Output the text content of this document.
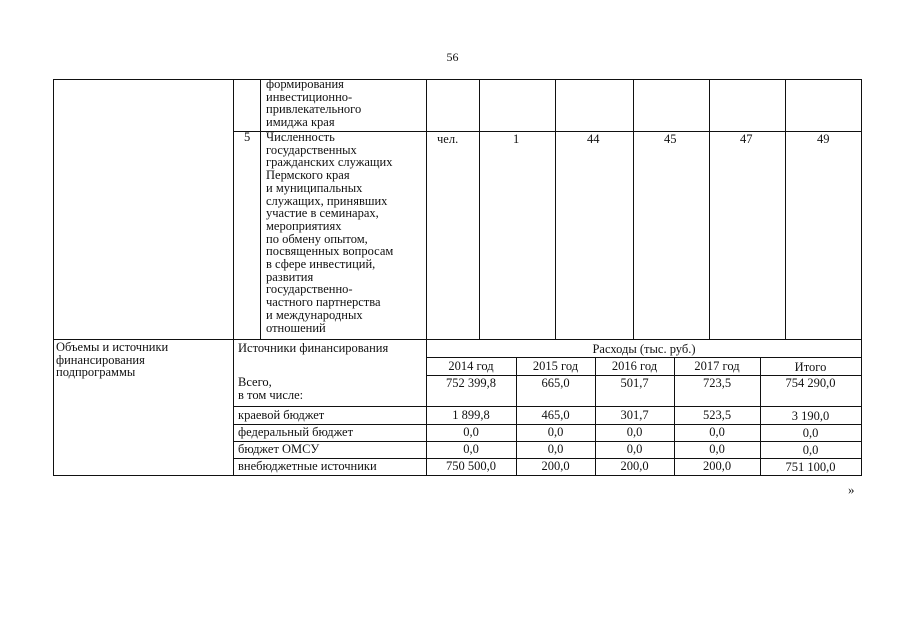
56
формирования
инвестиционно-
привлекательного
имиджа края
5 Численность
государственных
гражданских служащих
Пермского края
и муниципальных
служащих, принявших
участие в семинарах,
мероприятиях
по обмену опытом,
посвященных вопросам
в сфере инвестиций,
развития
государственно-
частного партнерства
и международных
отношений
чел.	1	44	45	47	49
Объемы и источники
финансирования
подпрограммы
Источники финансирования	Расходы (тыс. руб.)
2014 год	2015 год	2016 год	2017 год	Итого
Всего,
в том числе:
752 399,8	665,0	501,7	723,5	754 290,0
краевой бюджет	1 899,8	465,0	301,7	523,5	3 190,0
федеральный бюджет	0,0	0,0	0,0	0,0	0,0
бюджет ОМСУ	0,0	0,0	0,0	0,0	0,0
внебюджетные источники	750 500,0	200,0	200,0	200,0	751 100,0
»
